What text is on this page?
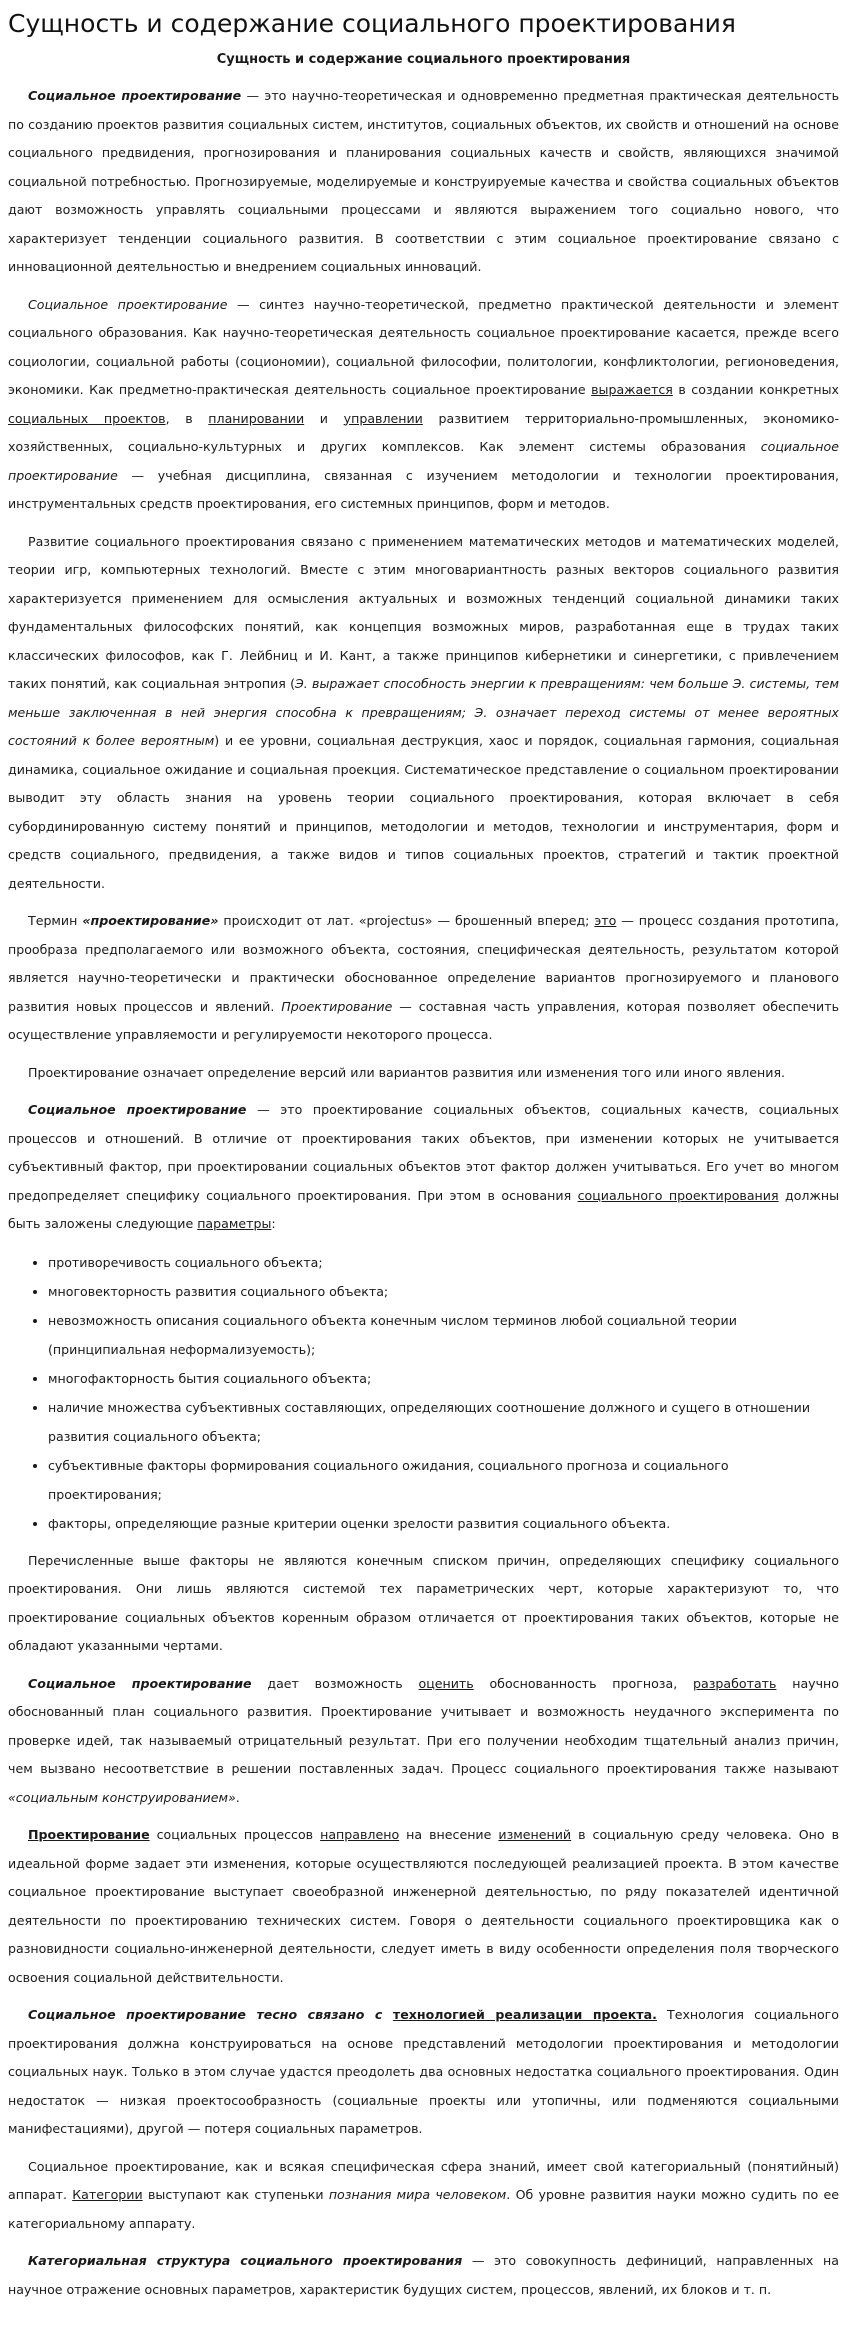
Сущность и содержание социального проектирования
Сущность и содержание социального проектирования

Социальное проектирование — это научно-теоретическая и одновременно предметная практическая деятельность по созданию проектов развития социальных систем, институтов, социальных объектов, их свойств и отношений на основе социального предвидения, прогнозирования и планирования социальных качеств и свойств, являющихся значимой социальной потребностью. Прогнозируемые, моделируемые и конструируемые качества и свойства социальных объектов дают возможность управлять социальными процессами и являются выражением того социально нового, что характеризует тенденции социального развития. В соответствии с этим социальное проектирование связано с инновационной деятельностью и внедрением социальных инноваций.

Социальное проектирование — синтез научно-теоретической, предметно практической деятельности и элемент социального образования. Как научно-теоретическая деятельность социальное проектирование касается, прежде всего социологии, социальной работы (социономии), социальной философии, политологии, конфликтологии, регионоведения, экономики. Как предметно-практическая деятельность социальное проектирование выражается в создании конкретных социальных проектов, в планировании и управлении развитием территориально-промышленных, экономико-хозяйственных, социально-культурных и других комплексов. Как элемент системы образования социальное проектирование — учебная дисциплина, связанная с изучением методологии и технологии проектирования, инструментальных средств проектирования, его системных принципов, форм и методов.

Развитие социального проектирования связано с применением математических методов и математических моделей, теории игр, компьютерных технологий. Вместе с этим многовариантность разных векторов социального развития характеризуется применением для осмысления актуальных и возможных тенденций социальной динамики таких фундаментальных философских понятий, как концепция возможных миров, разработанная еще в трудах таких классических философов, как Г. Лейбниц и И. Кант, а также принципов кибернетики и синергетики, с привлечением таких понятий, как социальная энтропия (Э. выражает способность энергии к превращениям: чем больше Э. системы, тем меньше заключенная в ней энергия способна к превращениям; Э. означает переход системы от менее вероятных состояний к более вероятным) и ее уровни, социальная деструкция, хаос и порядок, социальная гармония, социальная динамика, социальное ожидание и социальная проекция. Систематическое представление о социальном проектировании выводит эту область знания на уровень теории социального проектирования, которая включает в себя субординированную систему понятий и принципов, методологии и методов, технологии и инструментария, форм и средств социального, предвидения, а также видов и типов социальных проектов, стратегий и тактик проектной деятельности.

Термин «проектирование» происходит от лат. «projectus» — брошенный вперед; это — процесс создания прототипа, прообраза предполагаемого или возможного объекта, состояния, специфическая деятельность, результатом которой является научно-теоретически и практически обоснованное определение вариантов прогнозируемого и планового развития новых процессов и явлений. Проектирование — составная часть управления, которая позволяет обеспечить осуществление управляемости и регулируемости некоторого процесса.

Проектирование означает определение версий или вариантов развития или изменения того или иного явления.

Социальное проектирование — это проектирование социальных объектов, социальных качеств, социальных процессов и отношений. В отличие от проектирования таких объектов, при изменении которых не учитывается субъективный фактор, при проектировании социальных объектов этот фактор должен учитываться. Его учет во многом предопределяет специфику социального проектирования. При этом в основания социального проектирования должны быть заложены следующие параметры:

• противоречивость социального объекта;
• многовекторность развития социального объекта;
• невозможность описания социального объекта конечным числом терминов любой социальной теории (принципиальная неформализуемость);
• многофакторность бытия социального объекта;
• наличие множества субъективных составляющих, определяющих соотношение должного и сущего в отношении развития социального объекта;
• субъективные факторы формирования социального ожидания, социального прогноза и социального проектирования;
• факторы, определяющие разные критерии оценки зрелости развития социального объекта.

Перечисленные выше факторы не являются конечным списком причин, определяющих специфику социального проектирования. Они лишь являются системой тех параметрических черт, которые характеризуют то, что проектирование социальных объектов коренным образом отличается от проектирования таких объектов, которые не обладают указанными чертами.

Социальное проектирование дает возможность оценить обоснованность прогноза, разработать научно обоснованный план социального развития. Проектирование учитывает и возможность неудачного эксперимента по проверке идей, так называемый отрицательный результат. При его получении необходим тщательный анализ причин, чем вызвано несоответствие в решении поставленных задач. Процесс социального проектирования также называют «социальным конструированием».

Проектирование социальных процессов направлено на внесение изменений в социальную среду человека. Оно в идеальной форме задает эти изменения, которые осуществляются последующей реализацией проекта. В этом качестве социальное проектирование выступает своеобразной инженерной деятельностью, по ряду показателей идентичной деятельности по проектированию технических систем. Говоря о деятельности социального проектировщика как о разновидности социально-инженерной деятельности, следует иметь в виду особенности определения поля творческого освоения социальной действительности.

Социальное проектирование тесно связано с технологией реализации проекта. Технология социального проектирования должна конструироваться на основе представлений методологии проектирования и методологии социальных наук. Только в этом случае удастся преодолеть два основных недостатка социального проектирования. Один недостаток — низкая проектосообразность (социальные проекты или утопичны, или подменяются социальными манифестациями), другой — потеря социальных параметров.

Социальное проектирование, как и всякая специфическая сфера знаний, имеет свой категориальный (понятийный) аппарат. Категории выступают как ступеньки познания мира человеком. Об уровне развития науки можно судить по ее категориальному аппарату.

Категориальная структура социального проектирования — это совокупность дефиниций, направленных на научное отражение основных параметров, характеристик будущих систем, процессов, явлений, их блоков и т. п.
